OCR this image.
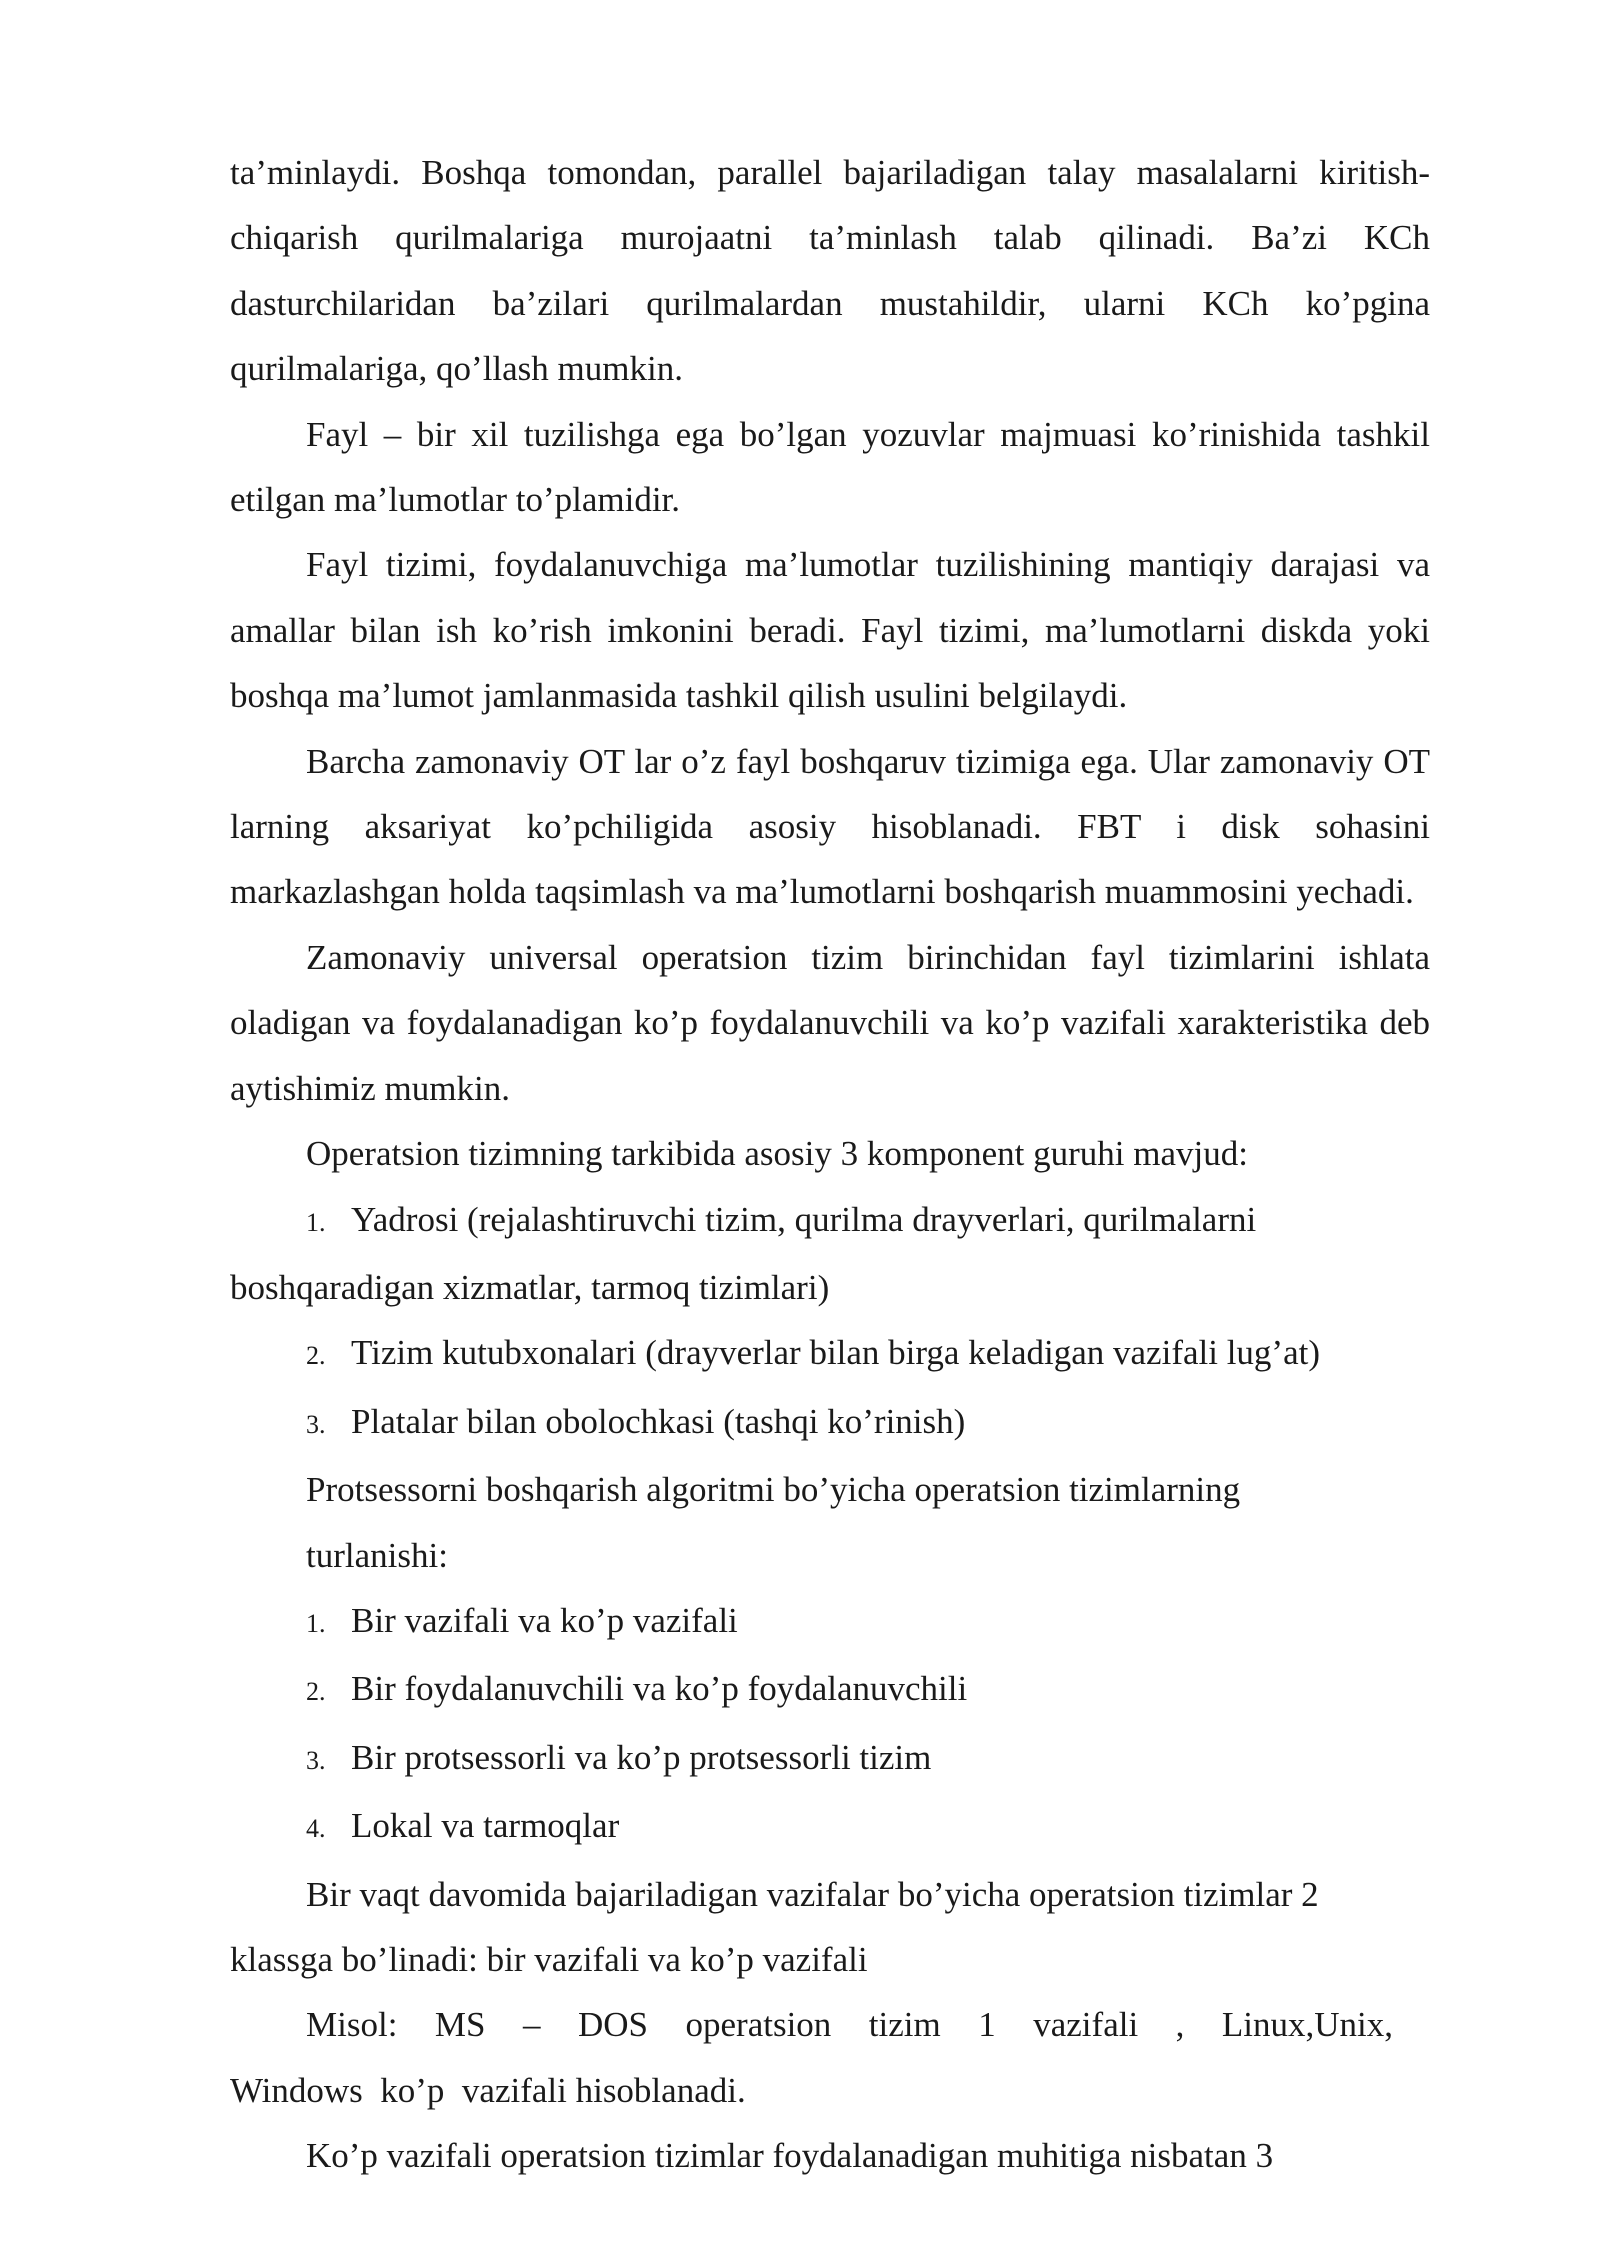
ta’minlaydi. Boshqa tomondan, parallel bajariladigan talay masalalarni kiritish-chiqarish qurilmalariga murojaatni ta’minlash talab qilinadi. Ba’zi KCh dasturchilaridan ba’zilari qurilmalardan mustahildir, ularni KCh ko’pgina qurilmalariga, qo’llash mumkin.

Fayl – bir xil tuzilishga ega bo’lgan yozuvlar majmuasi ko’rinishida tashkil etilgan ma’lumotlar to’plamidir.

Fayl tizimi, foydalanuvchiga ma’lumotlar tuzilishining mantiqiy darajasi va amallar bilan ish ko’rish imkonini beradi. Fayl tizimi, ma’lumotlarni diskda yoki boshqa ma’lumot jamlanmasida tashkil qilish usulini belgilaydi.

Barcha zamonaviy OT lar o’z fayl boshqaruv tizimiga ega. Ular zamonaviy OT larning aksariyat ko’pchiligida asosiy hisoblanadi. FBT i disk sohasini markazlashgan holda taqsimlash va ma’lumotlarni boshqarish muammosini yechadi.

Zamonaviy universal operatsion tizim birinchidan fayl tizimlarini ishlata oladigan va foydalanadigan ko’p foydalanuvchili va ko’p vazifali xarakteristika deb aytishimiz mumkin.

Operatsion tizimning tarkibida asosiy 3 komponent guruhi mavjud:

1. Yadrosi (rejalashtiruvchi tizim, qurilma drayverlari, qurilmalarni

boshqaradigan xizmatlar, tarmoq tizimlari)

2. Tizim kutubxonalari (drayverlar bilan birga keladigan vazifali lug’at)

3. Platalar bilan obolochkasi (tashqi ko’rinish)

Protsessorni boshqarish algoritmi bo’yicha operatsion tizimlarning

turlanishi:

1. Bir vazifali va ko’p vazifali

2. Bir foydalanuvchili va ko’p foydalanuvchili

3. Bir protsessorli va ko’p protsessorli tizim

4. Lokal va tarmoqlar

Bir vaqt davomida bajariladigan vazifalar bo’yicha operatsion tizimlar 2

klassga bo’linadi: bir vazifali va ko’p vazifali

Misol:  MS  –  DOS  operatsion  tizim  1  vazifali  ,  Linux,Unix,

Windows  ko’p  vazifali hisoblanadi.

Ko’p vazifali operatsion tizimlar foydalanadigan muhitiga nisbatan 3
